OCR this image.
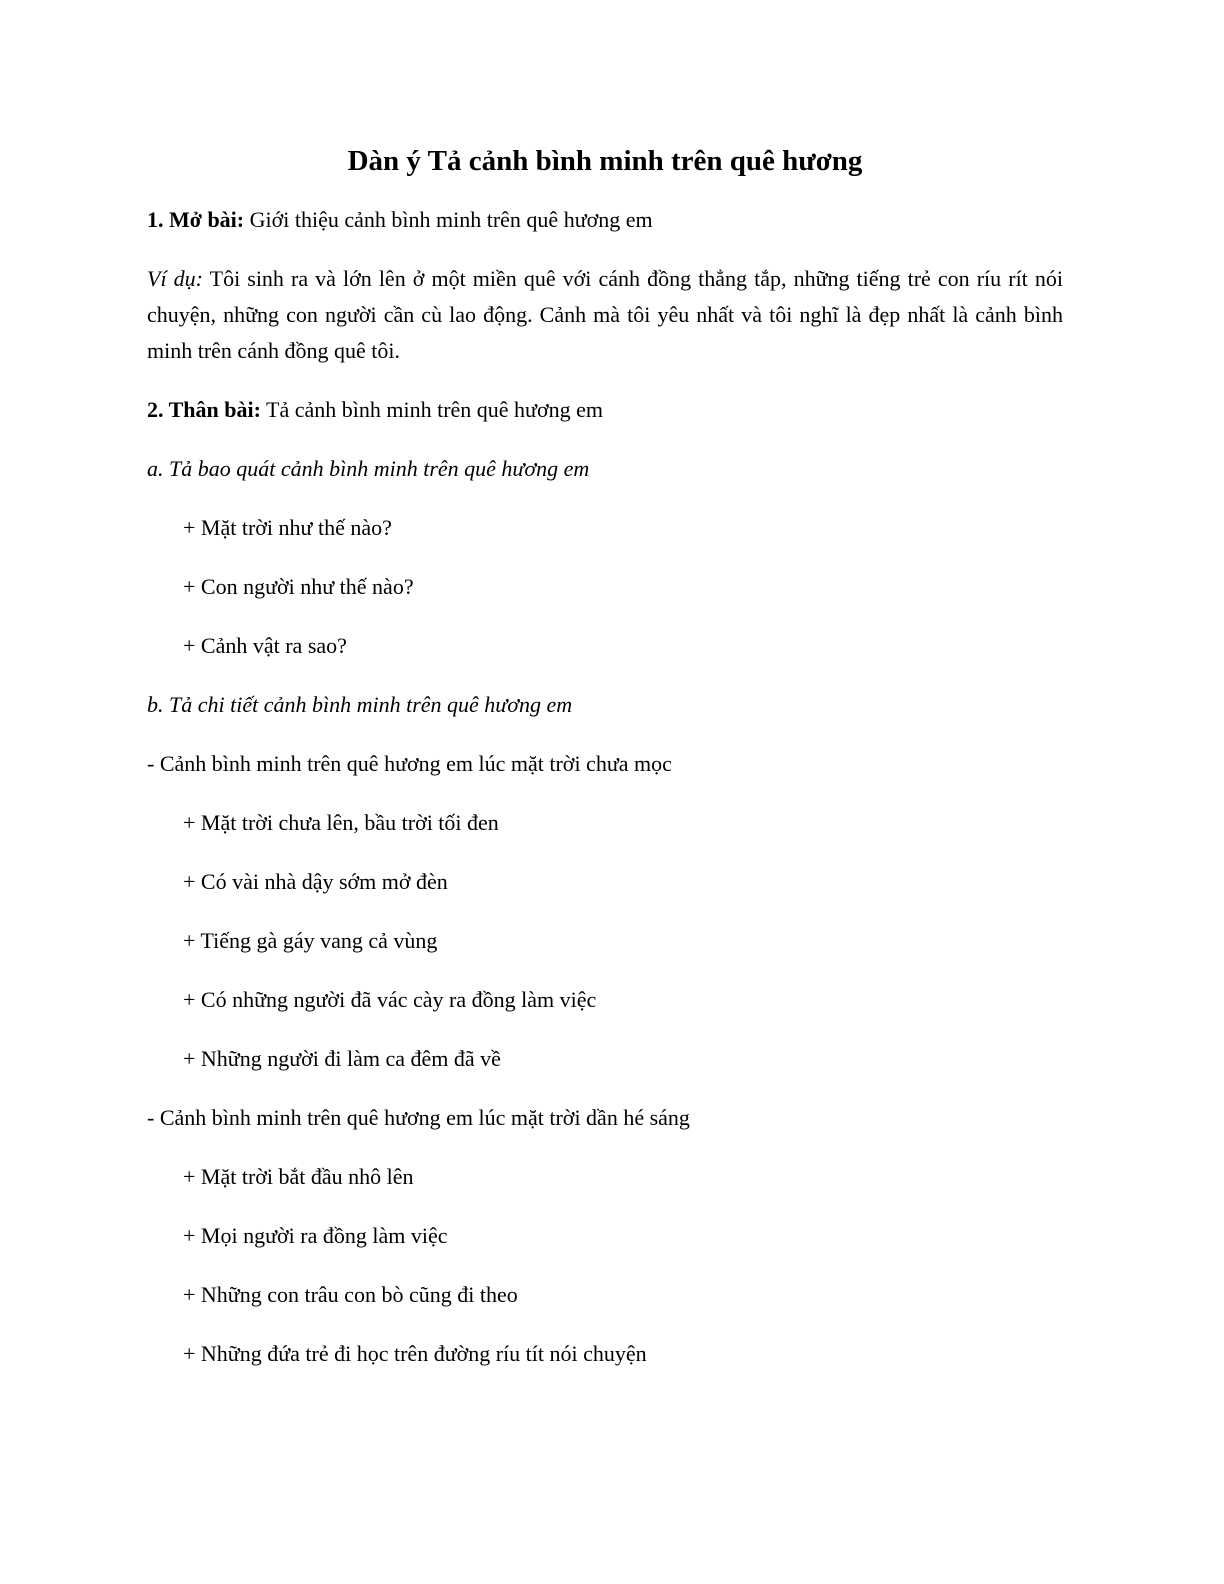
Dàn ý Tả cảnh bình minh trên quê hương

1. Mở bài: Giới thiệu cảnh bình minh trên quê hương em

Ví dụ: Tôi sinh ra và lớn lên ở một miền quê với cánh đồng thẳng tắp, những tiếng trẻ con ríu rít nói chuyện, những con người cần cù lao động. Cảnh mà tôi yêu nhất và tôi nghĩ là đẹp nhất là cảnh bình minh trên cánh đồng quê tôi.

2. Thân bài: Tả cảnh bình minh trên quê hương em

a. Tả bao quát cảnh bình minh trên quê hương em

+ Mặt trời như thế nào?

+ Con người như thế nào?

+ Cảnh vật ra sao?

b. Tả chi tiết cảnh bình minh trên quê hương em

- Cảnh bình minh trên quê hương em lúc mặt trời chưa mọc

+ Mặt trời chưa lên, bầu trời tối đen

+ Có vài nhà dậy sớm mở đèn

+ Tiếng gà gáy vang cả vùng

+ Có những người đã vác cày ra đồng làm việc

+ Những người đi làm ca đêm đã về

- Cảnh bình minh trên quê hương em lúc mặt trời dần hé sáng

+ Mặt trời bắt đầu nhô lên

+ Mọi người ra đồng làm việc

+ Những con trâu con bò cũng đi theo

+ Những đứa trẻ đi học trên đường ríu tít nói chuyện
